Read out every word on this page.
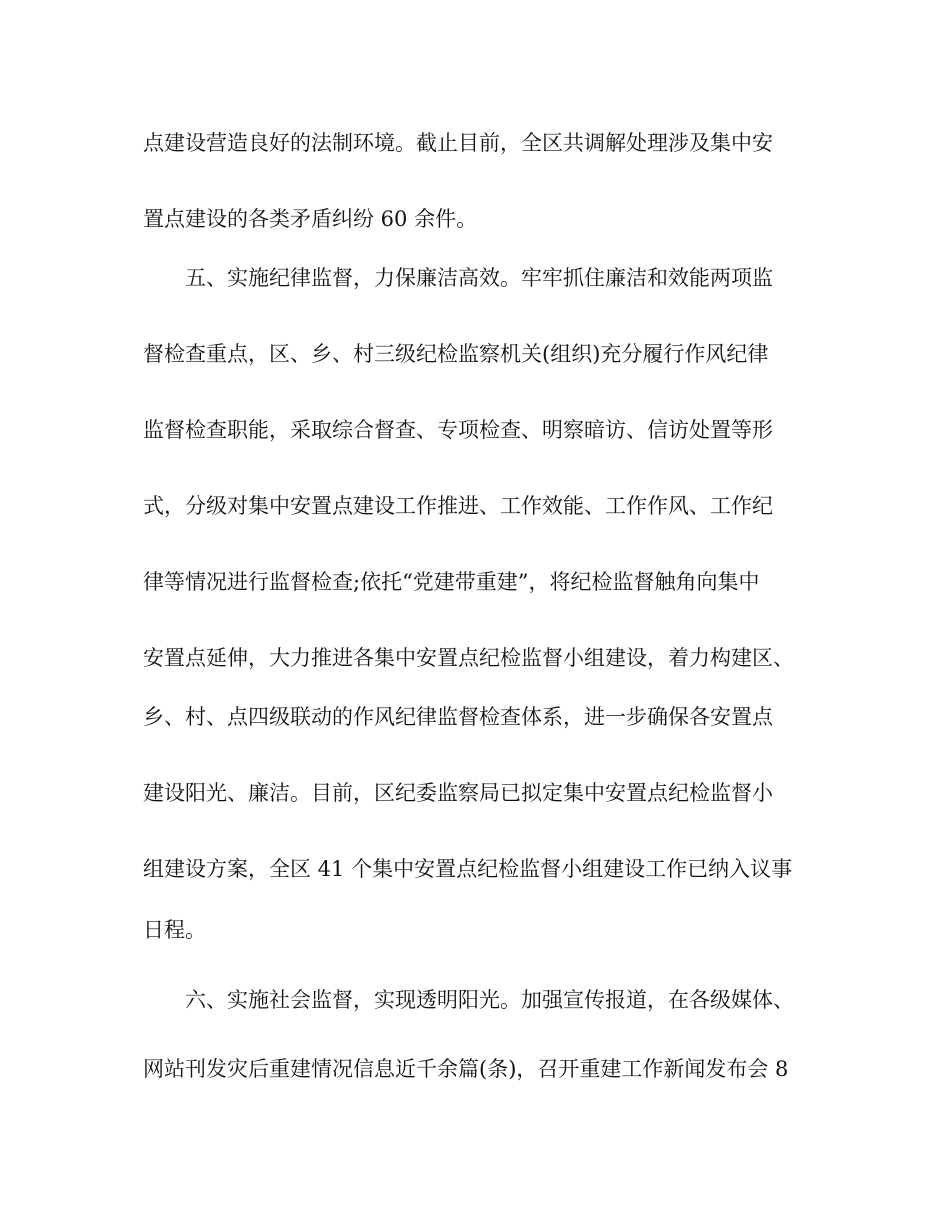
点建设营造良好的法制环境。截止目前，全区共调解处理涉及集中安
置点建设的各类矛盾纠纷 60 余件。
五、实施纪律监督，力保廉洁高效。牢牢抓住廉洁和效能两项监
督检查重点，区、乡、村三级纪检监察机关(组织)充分履行作风纪律
监督检查职能，采取综合督查、专项检查、明察暗访、信访处置等形
式，分级对集中安置点建设工作推进、工作效能、工作作风、工作纪
律等情况进行监督检查;依托“党建带重建”，将纪检监督触角向集中
安置点延伸，大力推进各集中安置点纪检监督小组建设，着力构建区、
乡、村、点四级联动的作风纪律监督检查体系，进一步确保各安置点
建设阳光、廉洁。目前，区纪委监察局已拟定集中安置点纪检监督小
组建设方案，全区 41 个集中安置点纪检监督小组建设工作已纳入议事
日程。
六、实施社会监督，实现透明阳光。加强宣传报道，在各级媒体、
网站刊发灾后重建情况信息近千余篇(条)，召开重建工作新闻发布会 8
